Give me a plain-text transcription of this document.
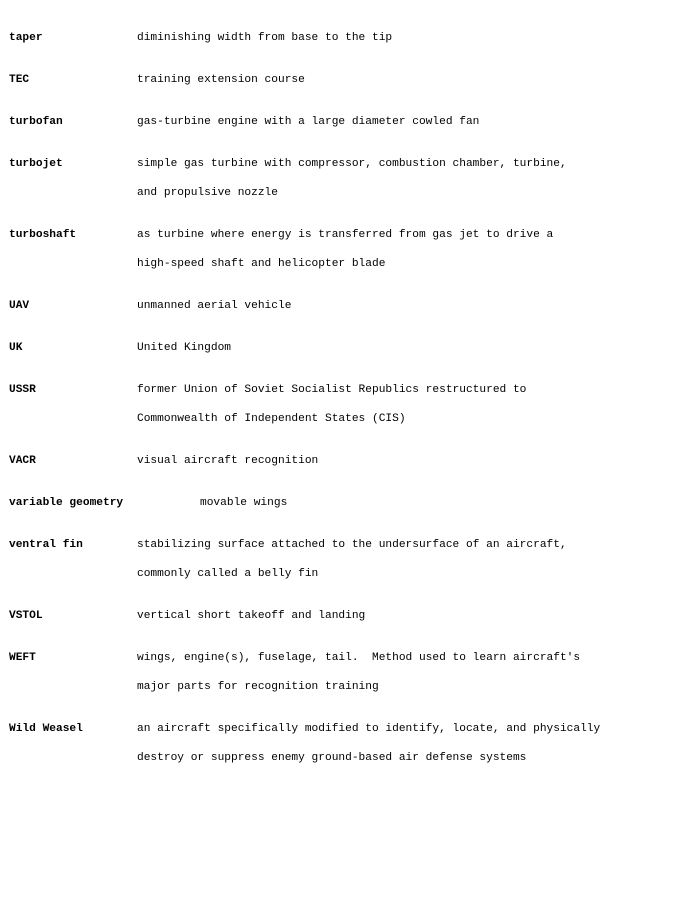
taper	diminishing width from base to the tip
TEC	training extension course
turbofan	gas-turbine engine with a large diameter cowled fan
turbojet	simple gas turbine with compressor, combustion chamber, turbine,
and propulsive nozzle
turboshaft	as turbine where energy is transferred from gas jet to drive a
high-speed shaft and helicopter blade
UAV	unmanned aerial vehicle
UK	United Kingdom
USSR	former Union of Soviet Socialist Republics restructured to
Commonwealth of Independent States (CIS)
VACR	visual aircraft recognition
variable geometry	movable wings
ventral fin	stabilizing surface attached to the undersurface of an aircraft,
commonly called a belly fin
VSTOL	vertical short takeoff and landing
WEFT	wings, engine(s), fuselage, tail.  Method used to learn aircraft's
major parts for recognition training
Wild Weasel	an aircraft specifically modified to identify, locate, and physically
destroy or suppress enemy ground-based air defense systems
